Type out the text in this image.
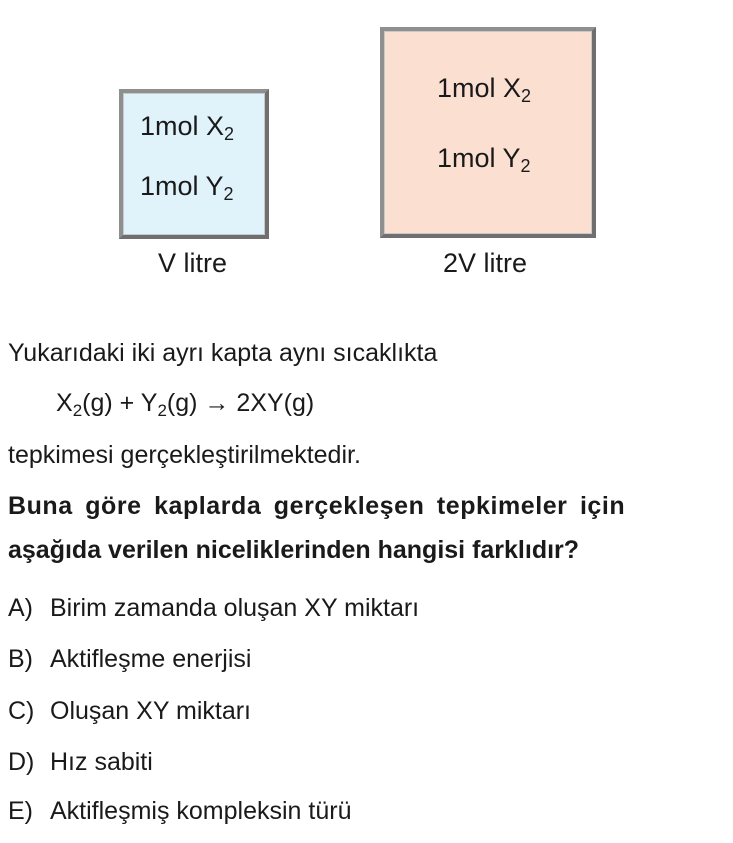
1mol $X_2$
1mol $Y_2$
V litre
1mol $X_2$
1mol $Y_2$
2V litre
Yukarıdaki iki ayrı kapta aynı sıcaklıkta
$X_2(g) + Y_2(g) \to 2XY(g)$
tepkimesi gerçekleştirilmektedir.
Buna göre kaplarda gerçekleşen tepkimeler için
aşağıda verilen niceliklerinden hangisi farklıdır?
A) Birim zamanda oluşan XY miktarı
B) Aktifleşme enerjisi
C) Oluşan XY miktarı
D) Hız sabiti
E) Aktifleşmiş kompleksin türü
